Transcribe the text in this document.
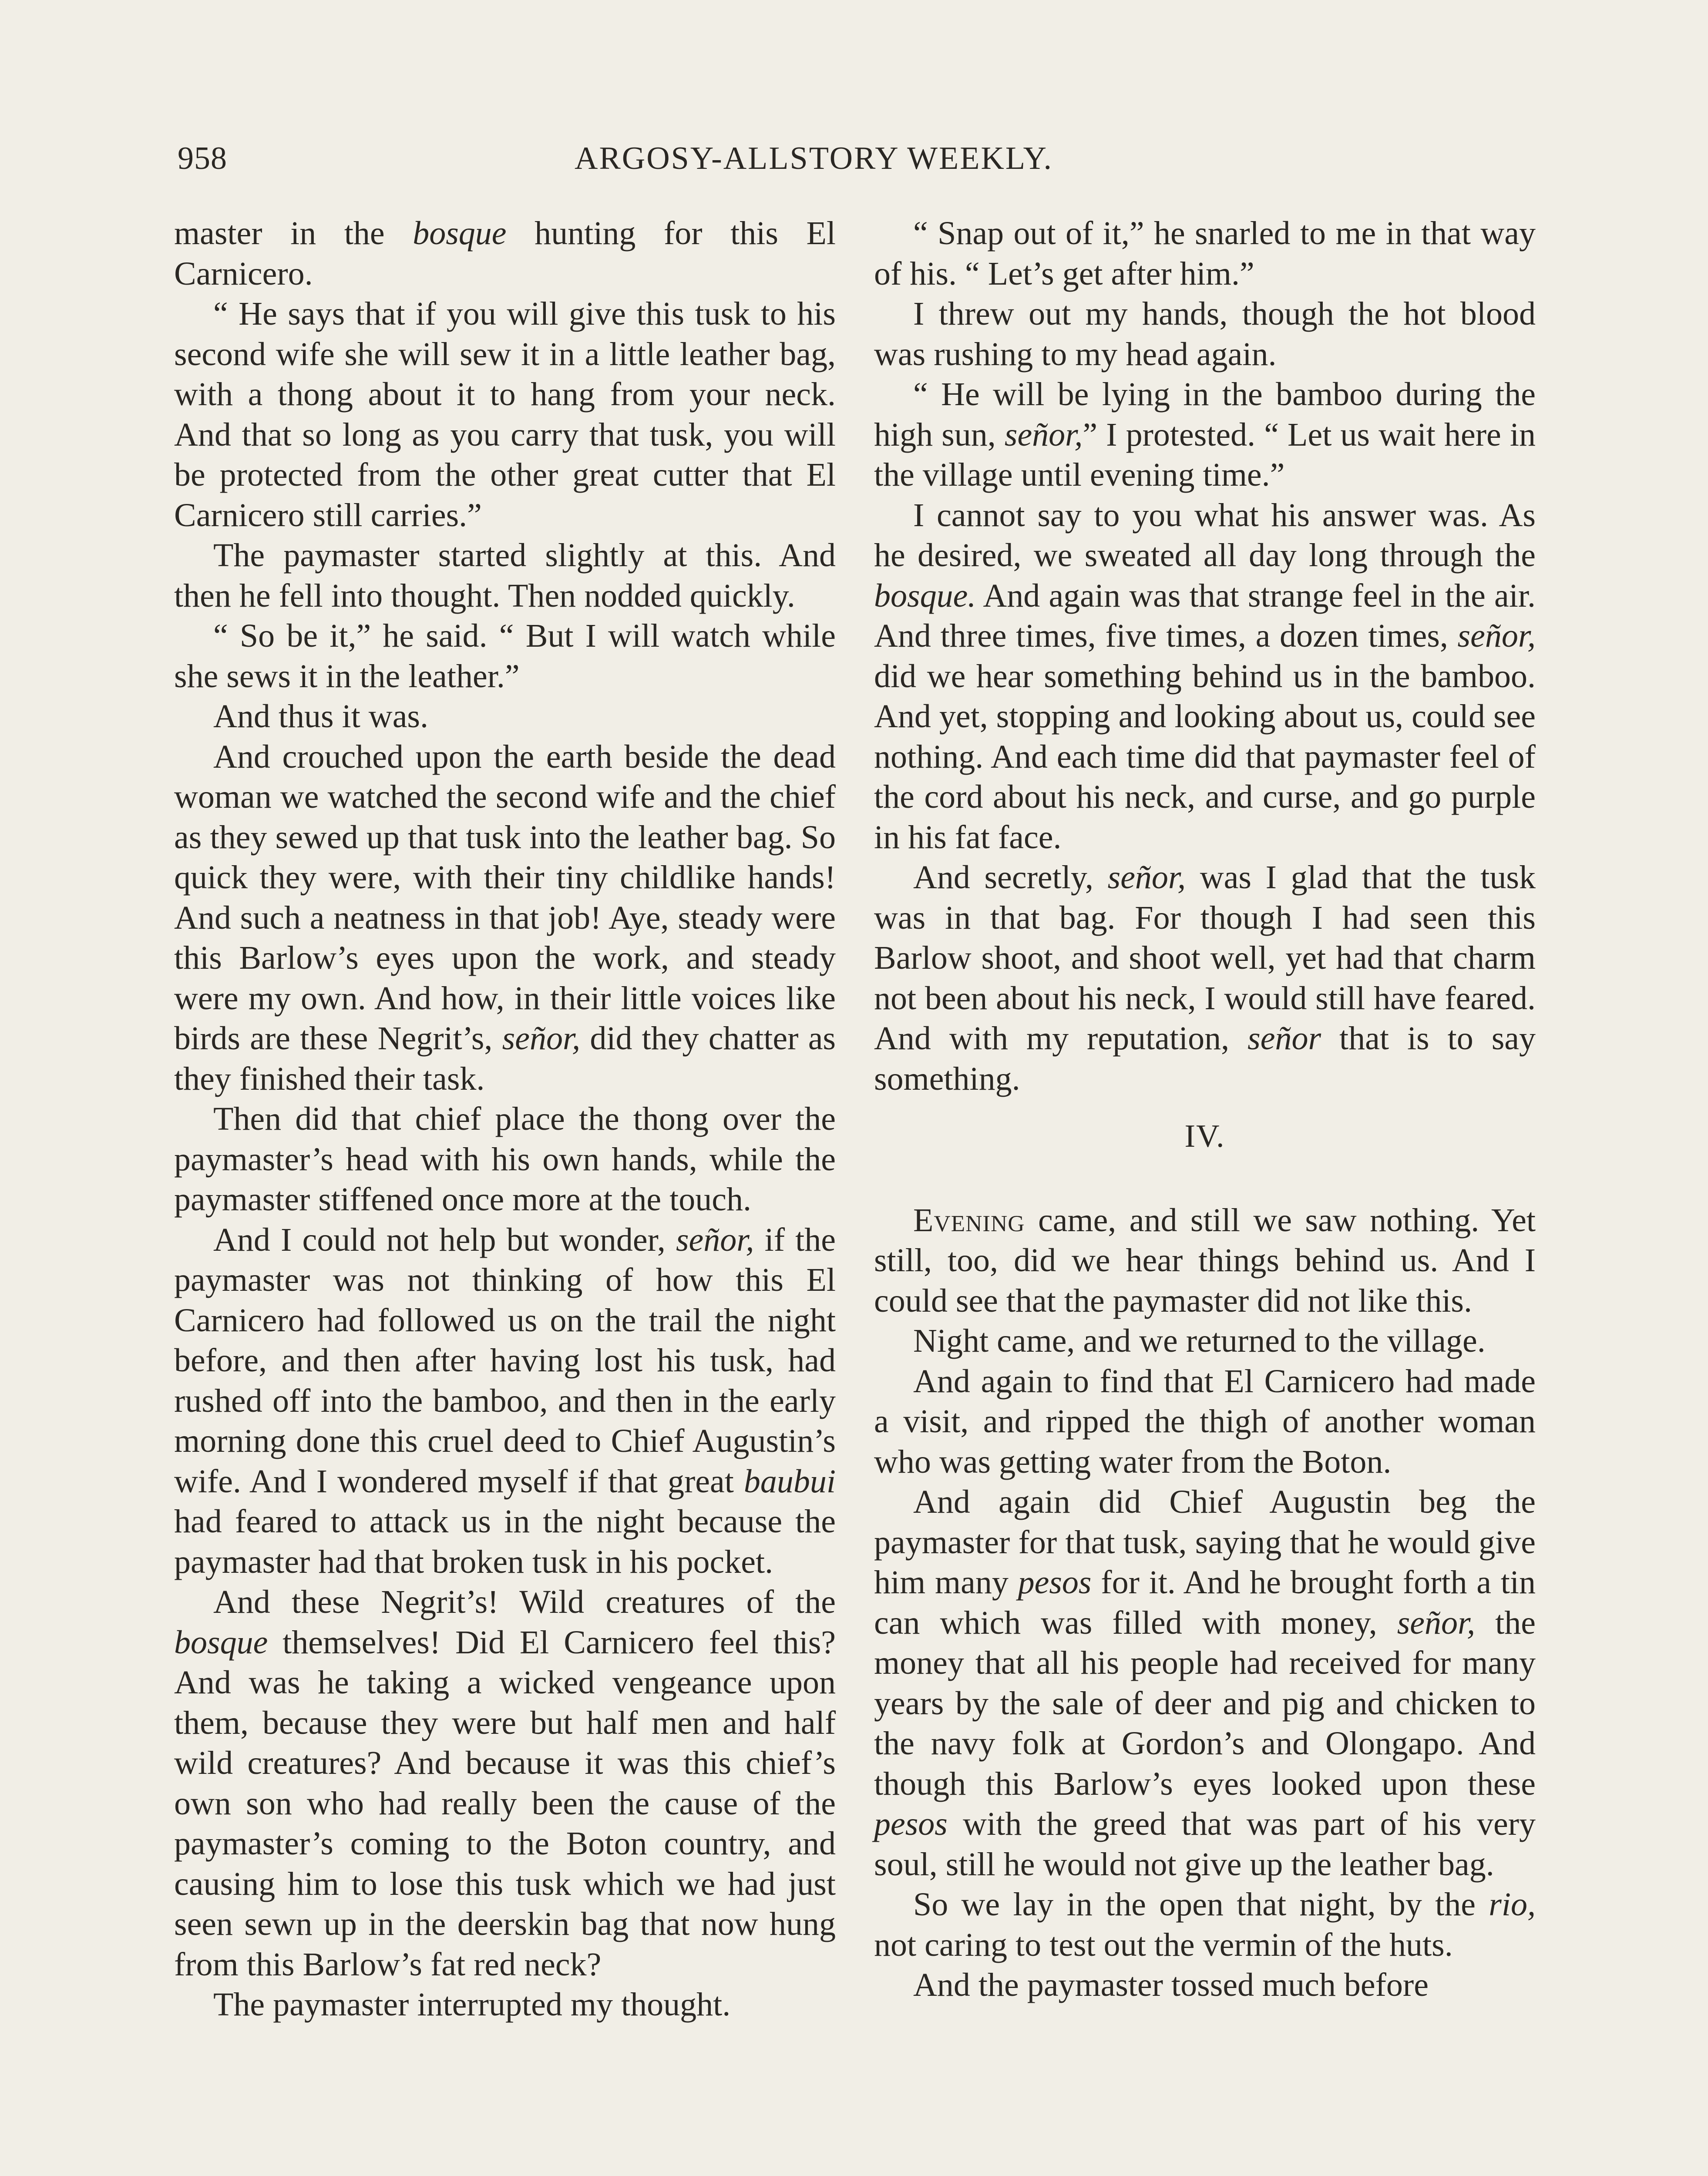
958	ARGOSY-ALLSTORY WEEKLY.

master in the bosque hunting for this El Carnicero.

“ He says that if you will give this tusk to his second wife she will sew it in a little leather bag, with a thong about it to hang from your neck. And that so long as you carry that tusk, you will be protected from the other great cutter that El Carnicero still carries.”

The paymaster started slightly at this. And then he fell into thought. Then nodded quickly.

“ So be it,” he said. “ But I will watch while she sews it in the leather.”

And thus it was.

And crouched upon the earth beside the dead woman we watched the second wife and the chief as they sewed up that tusk into the leather bag. So quick they were, with their tiny childlike hands! And such a neatness in that job! Aye, steady were this Barlow’s eyes upon the work, and steady were my own. And how, in their little voices like birds are these Negrit’s, señor, did they chatter as they finished their task.

Then did that chief place the thong over the paymaster’s head with his own hands, while the paymaster stiffened once more at the touch.

And I could not help but wonder, señor, if the paymaster was not thinking of how this El Carnicero had followed us on the trail the night before, and then after having lost his tusk, had rushed off into the bamboo, and then in the early morning done this cruel deed to Chief Augustin’s wife. And I wondered myself if that great baubui had feared to attack us in the night because the paymaster had that broken tusk in his pocket.

And these Negrit’s! Wild creatures of the bosque themselves! Did El Carnicero feel this? And was he taking a wicked vengeance upon them, because they were but half men and half wild creatures? And because it was this chief’s own son who had really been the cause of the paymaster’s coming to the Boton country, and causing him to lose this tusk which we had just seen sewn up in the deerskin bag that now hung from this Barlow’s fat red neck?

The paymaster interrupted my thought.

“ Snap out of it,” he snarled to me in that way of his. “ Let’s get after him.”

I threw out my hands, though the hot blood was rushing to my head again.

“ He will be lying in the bamboo during the high sun, señor,” I protested. “ Let us wait here in the village until evening time.”

I cannot say to you what his answer was. As he desired, we sweated all day long through the bosque. And again was that strange feel in the air. And three times, five times, a dozen times, señor, did we hear something behind us in the bamboo. And yet, stopping and looking about us, could see nothing. And each time did that paymaster feel of the cord about his neck, and curse, and go purple in his fat face.

And secretly, señor, was I glad that the tusk was in that bag. For though I had seen this Barlow shoot, and shoot well, yet had that charm not been about his neck, I would still have feared. And with my reputation, señor that is to say something.

IV.

Evening came, and still we saw nothing. Yet still, too, did we hear things behind us. And I could see that the paymaster did not like this.

Night came, and we returned to the village.

And again to find that El Carnicero had made a visit, and ripped the thigh of another woman who was getting water from the Boton.

And again did Chief Augustin beg the paymaster for that tusk, saying that he would give him many pesos for it. And he brought forth a tin can which was filled with money, señor, the money that all his people had received for many years by the sale of deer and pig and chicken to the navy folk at Gordon’s and Olongapo. And though this Barlow’s eyes looked upon these pesos with the greed that was part of his very soul, still he would not give up the leather bag.

So we lay in the open that night, by the rio, not caring to test out the vermin of the huts.

And the paymaster tossed much before
